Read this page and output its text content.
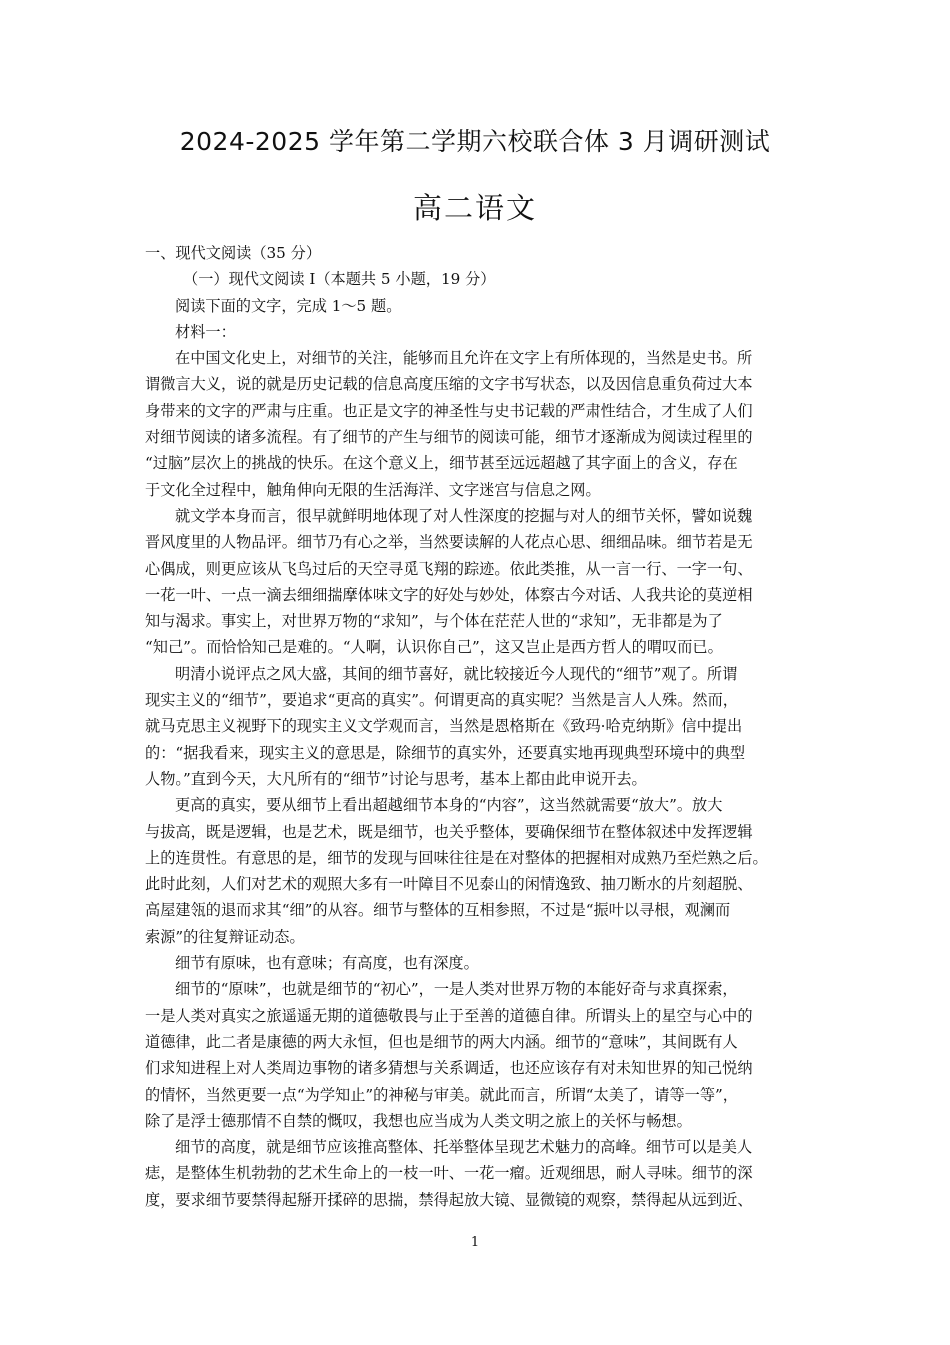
2024-2025 学年第二学期六校联合体 3 月调研测试
高二语文
一、现代文阅读（35 分）
（一）现代文阅读 I（本题共 5 小题，19 分）
阅读下面的文字，完成 1～5 题。
材料一：
在中国文化史上，对细节的关注，能够而且允许在文字上有所体现的，当然是史书。所
谓微言大义，说的就是历史记载的信息高度压缩的文字书写状态，以及因信息重负荷过大本
身带来的文字的严肃与庄重。也正是文字的神圣性与史书记载的严肃性结合，才生成了人们
对细节阅读的诸多流程。有了细节的产生与细节的阅读可能，细节才逐渐成为阅读过程里的
“过脑”层次上的挑战的快乐。在这个意义上，细节甚至远远超越了其字面上的含义，存在
于文化全过程中，触角伸向无限的生活海洋、文字迷宫与信息之网。
就文学本身而言，很早就鲜明地体现了对人性深度的挖掘与对人的细节关怀，譬如说魏
晋风度里的人物品评。细节乃有心之举，当然要读解的人花点心思、细细品味。细节若是无
心偶成，则更应该从飞鸟过后的天空寻觅飞翔的踪迹。依此类推，从一言一行、一字一句、
一花一叶、一点一滴去细细揣摩体味文字的好处与妙处，体察古今对话、人我共论的莫逆相
知与渴求。事实上，对世界万物的“求知”，与个体在茫茫人世的“求知”，无非都是为了
“知己”。而恰恰知己是难的。“人啊，认识你自己”，这又岂止是西方哲人的喟叹而已。
明清小说评点之风大盛，其间的细节喜好，就比较接近今人现代的“细节”观了。所谓
现实主义的“细节”，要追求“更高的真实”。何谓更高的真实呢？当然是言人人殊。然而，
就马克思主义视野下的现实主义文学观而言，当然是恩格斯在《致玛·哈克纳斯》信中提出
的：“据我看来，现实主义的意思是，除细节的真实外，还要真实地再现典型环境中的典型
人物。”直到今天，大凡所有的“细节”讨论与思考，基本上都由此申说开去。
更高的真实，要从细节上看出超越细节本身的“内容”，这当然就需要“放大”。放大
与拔高，既是逻辑，也是艺术，既是细节，也关乎整体，要确保细节在整体叙述中发挥逻辑
上的连贯性。有意思的是，细节的发现与回味往往是在对整体的把握相对成熟乃至烂熟之后。
此时此刻，人们对艺术的观照大多有一叶障目不见泰山的闲情逸致、抽刀断水的片刻超脱、
高屋建瓴的退而求其“细”的从容。细节与整体的互相参照，不过是“振叶以寻根，观澜而
索源”的往复辩证动态。
细节有原味，也有意味；有高度，也有深度。
细节的“原味”，也就是细节的“初心”，一是人类对世界万物的本能好奇与求真探索，
一是人类对真实之旅遥遥无期的道德敬畏与止于至善的道德自律。所谓头上的星空与心中的
道德律，此二者是康德的两大永恒，但也是细节的两大内涵。细节的“意味”，其间既有人
们求知进程上对人类周边事物的诸多猜想与关系调适，也还应该存有对未知世界的知己悦纳
的情怀，当然更要一点“为学知止”的神秘与审美。就此而言，所谓“太美了，请等一等”，
除了是浮士德那情不自禁的慨叹，我想也应当成为人类文明之旅上的关怀与畅想。
细节的高度，就是细节应该推高整体、托举整体呈现艺术魅力的高峰。细节可以是美人
痣，是整体生机勃勃的艺术生命上的一枝一叶、一花一瘤。近观细思，耐人寻味。细节的深
度，要求细节要禁得起掰开揉碎的思揣，禁得起放大镜、显微镜的观察，禁得起从远到近、
1
